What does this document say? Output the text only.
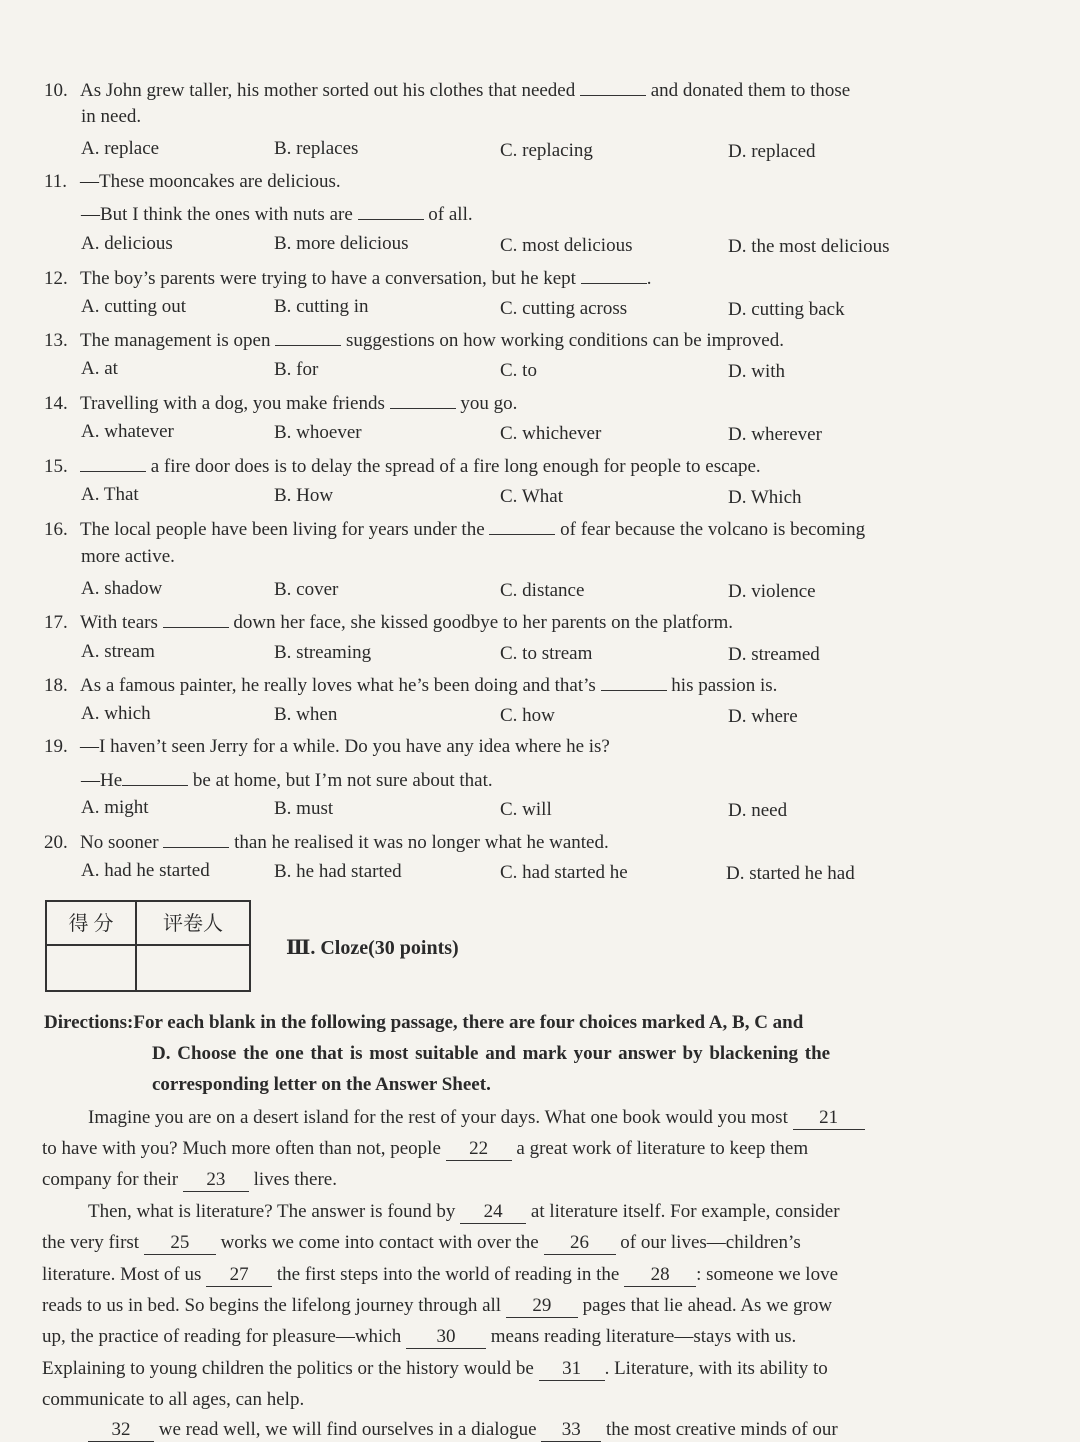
10. As John grew taller, his mother sorted out his clothes that needed	and donated them to those
in need.
A. replace	B. replaces	C. replacing	D. replaced
11. —These mooncakes are delicious.
—But I think the ones with nuts are	of all.
A. delicious	B. more delicious	C. most delicious	D. the most delicious
12. The boy’s parents were trying to have a conversation, but he kept	.
A. cutting out	B. cutting in	C. cutting across	D. cutting back
13. The management is open	suggestions on how working conditions can be improved.
A. at	B. for	C. to	D. with
14. Travelling with a dog, you make friends	you go.
A. whatever	B. whoever	C. whichever	D. wherever
15.	a fire door does is to delay the spread of a fire long enough for people to escape.
A. That	B. How	C. What	D. Which
16. The local people have been living for years under the	of fear because the volcano is becoming
more active.
A. shadow	B. cover	C. distance	D. violence
17. With tears	down her face, she kissed goodbye to her parents on the platform.
A. stream	B. streaming	C. to stream	D. streamed
18. As a famous painter, he really loves what he’s been doing and that’s	his passion is.
A. which	B. when	C. how	D. where
19. —I haven’t seen Jerry for a while. Do you have any idea where he is?
—He	be at home, but I’m not sure about that.
A. might	B. must	C. will	D. need
20. No sooner	than he realised it was no longer what he wanted.
A. had he started	B. he had started	C. had started he	D. started he had
得 分	评卷人
Ⅲ. Cloze(30 points)
Directions:For each blank in the following passage, there are four choices marked A, B, C and
D. Choose the one that is most suitable and mark your answer by blackening the
corresponding letter on the Answer Sheet.
Imagine you are on a desert island for the rest of your days. What one book would you most 21
to have with you? Much more often than not, people 22 a great work of literature to keep them
company for their 23 lives there.
Then, what is literature? The answer is found by 24 at literature itself. For example, consider
the very first 25 works we come into contact with over the 26 of our lives—children’s
literature. Most of us 27 the first steps into the world of reading in the 28 : someone we love
reads to us in bed. So begins the lifelong journey through all 29 pages that lie ahead. As we grow
up, the practice of reading for pleasure—which 30 means reading literature—stays with us.
Explaining to young children the politics or the history would be 31 . Literature, with its ability to
communicate to all ages, can help.
32 we read well, we will find ourselves in a dialogue 33 the most creative minds of our
